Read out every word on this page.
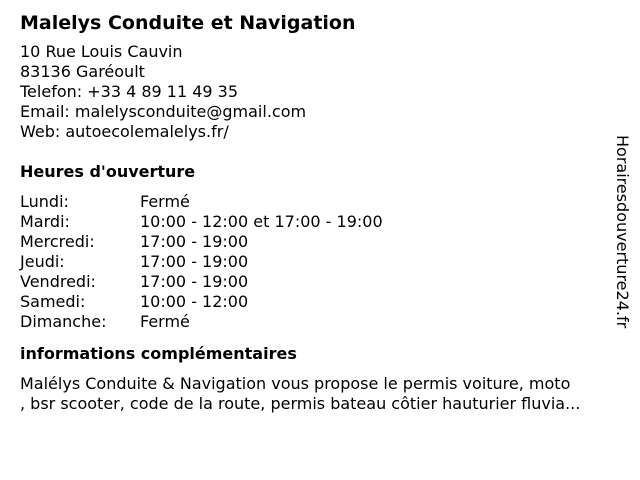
Malelys Conduite et Navigation
10 Rue Louis Cauvin
83136 Garéoult
Telefon: +33 4 89 11 49 35
Email: malelysconduite@gmail.com
Web: autoecolemalelys.fr/
Heures d'ouverture
Lundi:	Fermé
Mardi:	10:00 - 12:00 et 17:00 - 19:00
Mercredi:	17:00 - 19:00
Jeudi:	17:00 - 19:00
Vendredi:	17:00 - 19:00
Samedi:	10:00 - 12:00
Dimanche:	Fermé
informations complémentaires
Malélys Conduite & Navigation vous propose le permis voiture, moto
, bsr scooter, code de la route, permis bateau côtier hauturier fluvia...
Horairesdouverture24.fr
